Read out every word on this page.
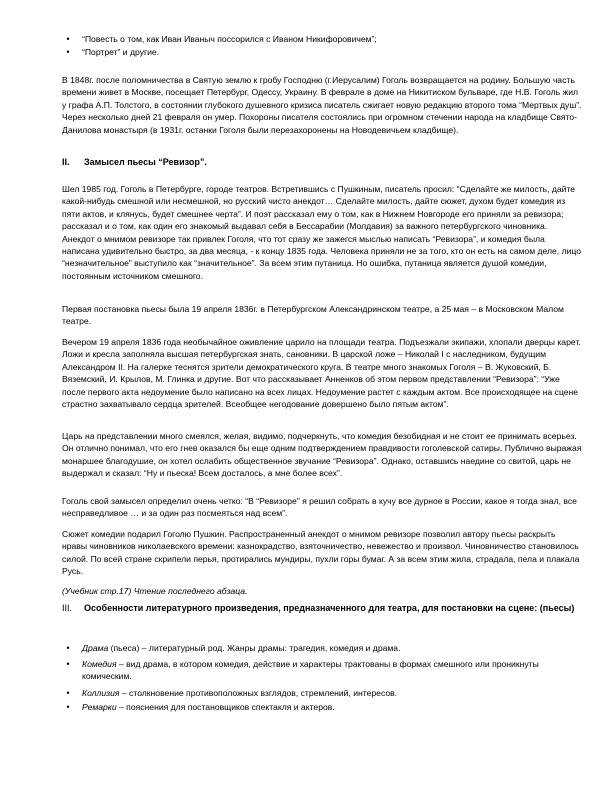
•	“Повесть о том, как Иван Иваныч поссорился с Иваном Никифоровичем”;
•	“Портрет” и другие.

В 1848г. после поломничества в Святую землю к гробу Господню (г.Иерусалим) Гоголь возвращается на родину. Большую часть времени живет в Москве, посещает Петербург, Одессу, Украину. В феврале в доме на Никитиском бульваре, где Н.В. Гоголь жил у графа А.П. Толстого, в состоянии глубокого душевного кризиса писатель сжигает новую редакцию второго тома “Мертвых душ”. Через несколько дней 21 февраля он умер. Похороны писателя состоялись при огромном стечении народа на кладбище Свято-Данилова монастыря (в 1931г. останки Гоголя были перезахоронены на Новодевичьем кладбище).

II.	Замысел пьесы “Ревизор”.

Шел 1985 год. Гоголь в Петербурге, городе театров. Встретившись с Пушкиным, писатель просил: “Сделайте же милость, дайте какой-нибудь смешной или несмешной, но русский чисто анекдот… Сделайте милость, дайте сюжет, духом будет комедия из пяти актов, и клянусь, будет смешнее черта”. И поэт рассказал ему о том, как в Нижнем Новгороде его приняли за ревизора; рассказал и о том, как один его знакомый выдавал себя в Бессарабии (Молдавия) за важного петербургского чиновника. Анекдот о мнимом ревизоре так привлек Гоголя, что тот сразу же зажегся мыслью написать “Ревизора”, и комедия была написана удивительно быстро, за два месяца, - к концу 1835 года. Человека приняли не за того, кто он есть на самом деле, лицо “незначительное” выступило как “значительное”. За всем этим путаница. Но ошибка, путаница является душой комедии, постоянным источником смешного.

Первая постановка пьесы была 19 апреля 1836г. в Петербургском Александринском театре, а 25 мая – в Московском Малом театре.

Вечером 19 апреля 1836 года необычайное оживление царило на площади театра. Подъезжали экипажи, хлопали дверцы карет. Ложи и кресла заполняла высшая петербургская знать, сановники. В царской ложе – Николай I с наследником, будущим Александром II. На галерке теснятся зрители демократического круга. В театре много знакомых Гоголя – В. Жуковский, Б. Вяземский, И. Крылов, М. Глинка и другие. Вот что рассказывает Анненков об этом первом представлении “Ревизора”: “Уже после первого акта недоумение было написано на всех лицах. Недоумение растет с каждым актом. Все происходящее на сцене страстно захватывало сердца зрителей. Всеобщее негодование довершено было пятым актом”.

Царь на представлении много смеялся, желая, видимо, подчеркнуть, что комедия безобидная и не стоит ее принимать всерьез. Он отлично понимал, что его гнев оказался бы еще одним подтверждением правдивости гоголевской сатиры. Публично выражая монаршее благодушие, он хотел ослабить общественное звучание “Ревизора”. Однако, оставшись наедине со свитой, царь не выдержал и сказал: “Ну и пьеска! Всем досталось, а мне более всех”.

Гоголь свой замысел определил очень четко: “В “Ревизоре” я решил собрать в кучу все дурное в России, какое я тогда знал, все несправедливое … и за один раз посмеяться над всем”.

Сюжет комедии подарил Гоголю Пушкин. Распространенный анекдот о мнимом ревизоре позволил автору пьесы раскрыть нравы чиновников николаевского времени: казнокрадство, взяточничество, невежество и произвол. Чиновничество становилось силой. По всей стране скрипели перья, протирались мундиры, пухли горы бумаг. А за всем этим жила, страдала, пела и плакала Русь.

(Учебник стр.17) Чтение последнего абзаца.

III. Особенности литературного произведения, предназначенного для театра, для постановки на сцене: (пьесы)
•	Драма (пьеса) – литературный род. Жанры драмы: трагедия, комедия и драма.
•	Комедия – вид драма, в котором комедия, действие и характеры трактованы в формах смешного или проникнуты комическим.
•	Коллизия – столкновение противоположных взглядов, стремлений, интересов.
•	Ремарки – пояснения для постановщиков спектакля и актеров.
